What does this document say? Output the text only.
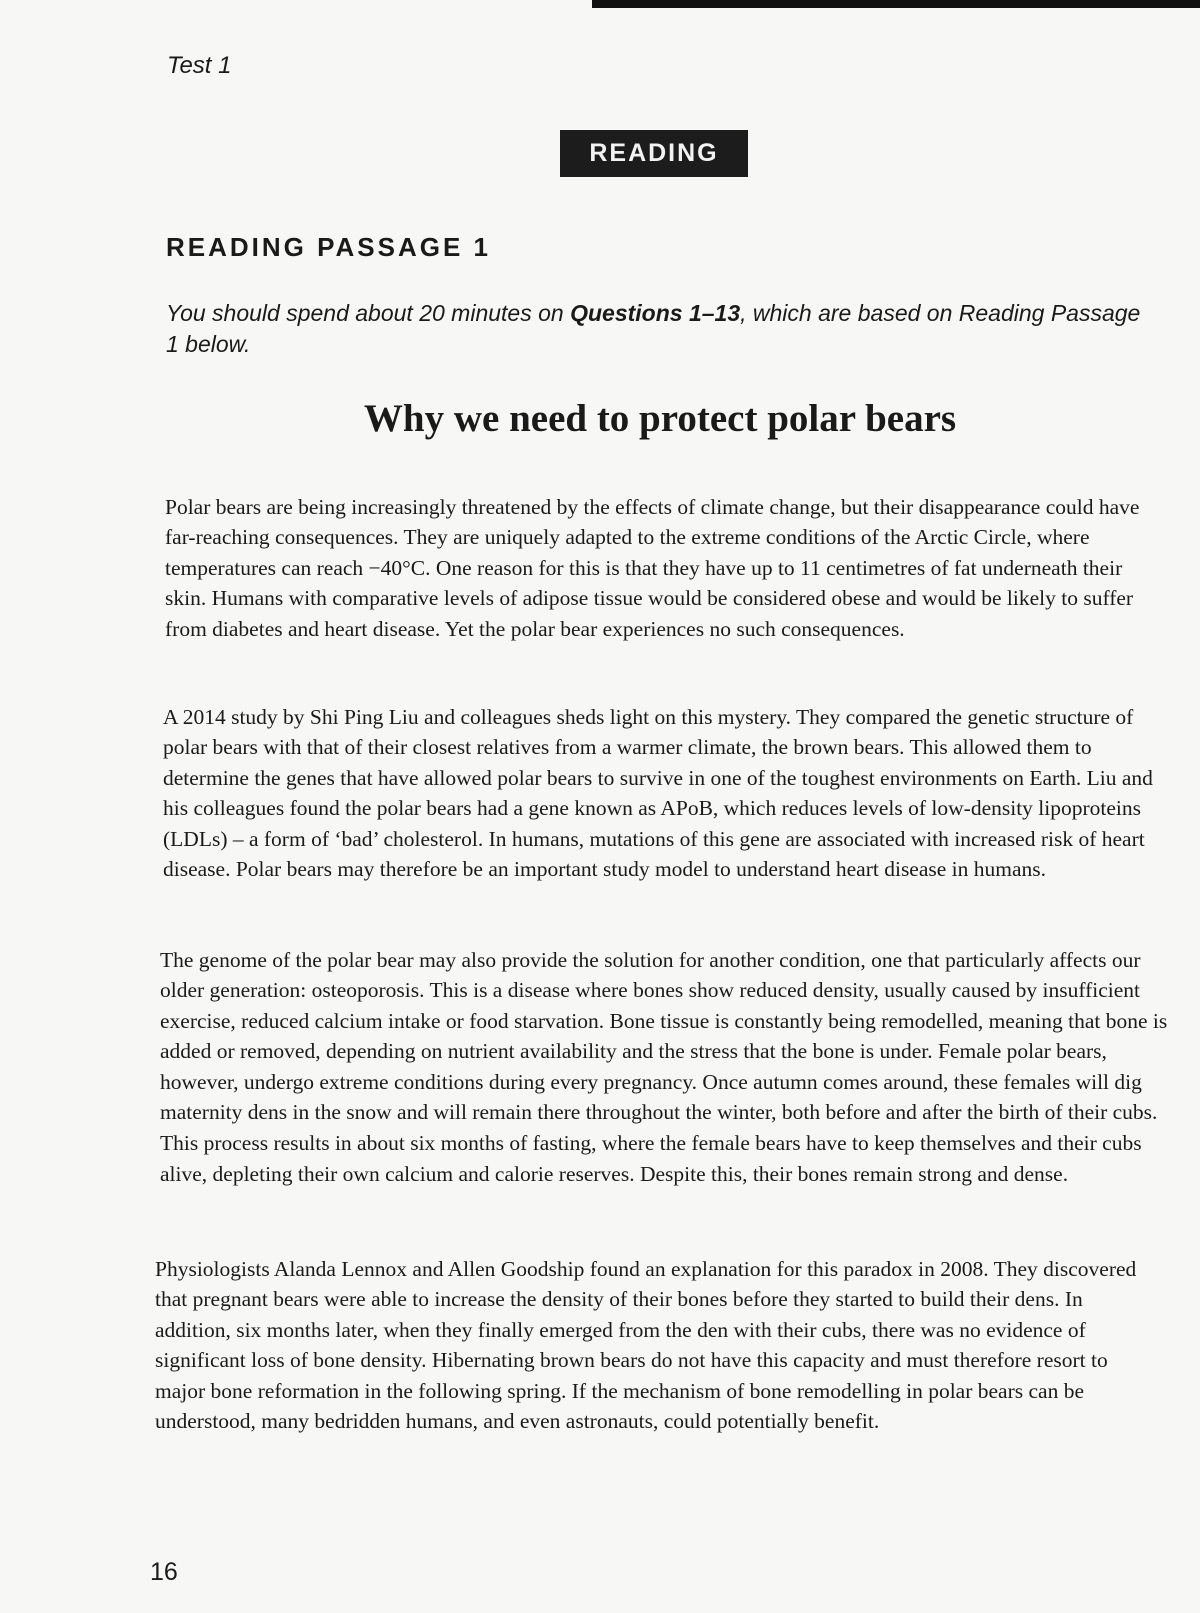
Test 1
READING
READING PASSAGE 1
You should spend about 20 minutes on Questions 1–13, which are based on Reading Passage 1 below.
Why we need to protect polar bears

Polar bears are being increasingly threatened by the effects of climate change, but their disappearance could have far-reaching consequences. They are uniquely adapted to the extreme conditions of the Arctic Circle, where temperatures can reach −40°C. One reason for this is that they have up to 11 centimetres of fat underneath their skin. Humans with comparative levels of adipose tissue would be considered obese and would be likely to suffer from diabetes and heart disease. Yet the polar bear experiences no such consequences.

A 2014 study by Shi Ping Liu and colleagues sheds light on this mystery. They compared the genetic structure of polar bears with that of their closest relatives from a warmer climate, the brown bears. This allowed them to determine the genes that have allowed polar bears to survive in one of the toughest environments on Earth. Liu and his colleagues found the polar bears had a gene known as APoB, which reduces levels of low-density lipoproteins (LDLs) – a form of ‘bad’ cholesterol. In humans, mutations of this gene are associated with increased risk of heart disease. Polar bears may therefore be an important study model to understand heart disease in humans.

The genome of the polar bear may also provide the solution for another condition, one that particularly affects our older generation: osteoporosis. This is a disease where bones show reduced density, usually caused by insufficient exercise, reduced calcium intake or food starvation. Bone tissue is constantly being remodelled, meaning that bone is added or removed, depending on nutrient availability and the stress that the bone is under. Female polar bears, however, undergo extreme conditions during every pregnancy. Once autumn comes around, these females will dig maternity dens in the snow and will remain there throughout the winter, both before and after the birth of their cubs. This process results in about six months of fasting, where the female bears have to keep themselves and their cubs alive, depleting their own calcium and calorie reserves. Despite this, their bones remain strong and dense.

Physiologists Alanda Lennox and Allen Goodship found an explanation for this paradox in 2008. They discovered that pregnant bears were able to increase the density of their bones before they started to build their dens. In addition, six months later, when they finally emerged from the den with their cubs, there was no evidence of significant loss of bone density. Hibernating brown bears do not have this capacity and must therefore resort to major bone reformation in the following spring. If the mechanism of bone remodelling in polar bears can be understood, many bedridden humans, and even astronauts, could potentially benefit.

16
